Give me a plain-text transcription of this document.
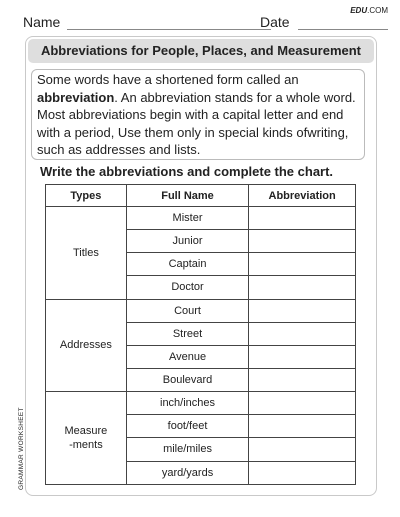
EDU.COM
Name	Date
Abbreviations for People, Places, and Measurement
Some words have a shortened form called an abbreviation. An abbreviation stands for a whole word. Most abbreviations begin with a capital letter and end with a period, Use them only in special kinds ofwriting, such as addresses and lists.
Write the abbreviations and complete the chart.
Types	Full Name	Abbreviation
Titles	Mister	
	Junior	
	Captain	
	Doctor	
Addresses	Court	
	Street	
	Avenue	
	Boulevard	
Measure
-ments	inch/inches	
	foot/feet	
	mile/miles	
	yard/yards	
GRAMMAR WORKSHEET
